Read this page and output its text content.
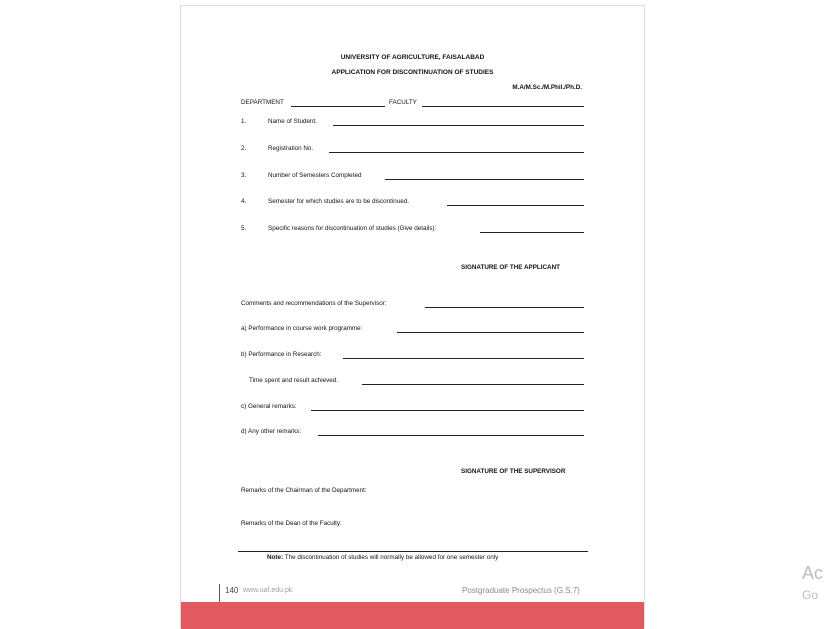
UNIVERSITY OF AGRICULTURE, FAISALABAD
APPLICATION FOR DISCONTINUATION OF STUDIES
M.A/M.Sc./M.Phil./Ph.D.
DEPARTMENT	FACULTY
1.	Name of Student.
2.	Registration No.
3.	Number of Semesters Completed
4.	Semester for which studies are to be discontinued.
5.	Specific reasons for discontinuation of studies (Give details):
SIGNATURE OF THE APPLICANT
Comments and recommendations of the Supervisor:
a) Performance in course work programme:
b) Performance in Research:
Time spent and result achieved.
c) General remarks:
d) Any other remarks:
SIGNATURE OF THE SUPERVISOR
Remarks of the Chairman of the Department:
Remarks of the Dean of the Faculty:
Note: The discontinuation of studies will normally be allowed for one semester only
140 www.uaf.edu.pk	Postgraduate Prospectus (G.S.7)
Ac
Go
